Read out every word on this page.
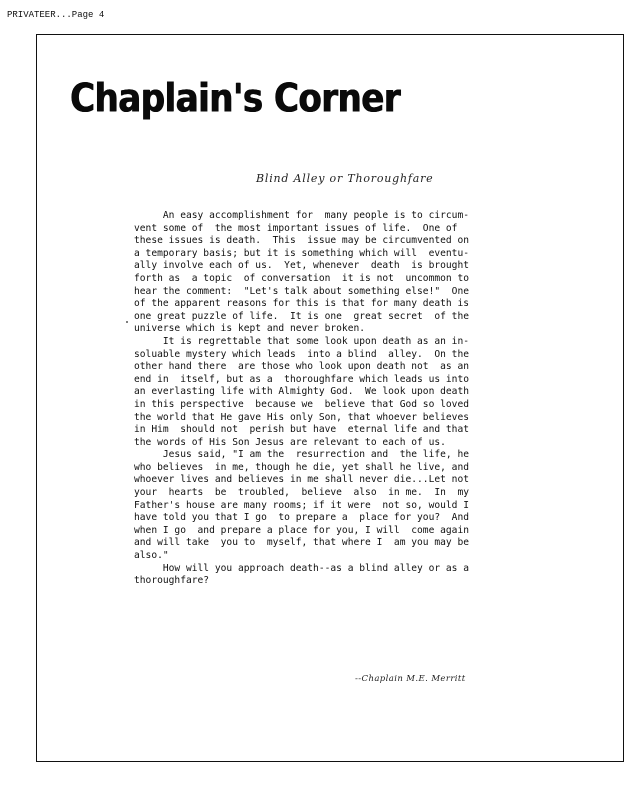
PRIVATEER...Page 4
Chaplain's Corner
Blind Alley or Thoroughfare
An easy accomplishment for  many people is to circum-
vent some of  the most important issues of life.  One of
these issues is death.  This  issue may be circumvented on
a temporary basis; but it is something which will  eventu-
ally involve each of us.  Yet, whenever  death  is brought
forth as  a topic  of conversation  it is not  uncommon to
hear the comment:  "Let's talk about something else!"  One
of the apparent reasons for this is that for many death is
one great puzzle of life.  It is one  great secret  of the
universe which is kept and never broken.
It is regrettable that some look upon death as an in-
soluable mystery which leads  into a blind  alley.  On the
other hand there  are those who look upon death not  as an
end in  itself, but as a  thoroughfare which leads us into
an everlasting life with Almighty God.  We look upon death
in this perspective  because we  believe that God so loved
the world that He gave His only Son, that whoever believes
in Him  should not  perish but have  eternal life and that
the words of His Son Jesus are relevant to each of us.
Jesus said, "I am the  resurrection and  the life, he
who believes  in me, though he die, yet shall he live, and
whoever lives and believes in me shall never die...Let not
your  hearts  be  troubled,  believe  also  in me.  In  my
Father's house are many rooms; if it were  not so, would I
have told you that I go  to prepare a  place for you?  And
when I go  and prepare a place for you, I will  come again
and will take  you to  myself, that where I  am you may be
also."
How will you approach death--as a blind alley or as a
thoroughfare?
--Chaplain M.E. Merritt
